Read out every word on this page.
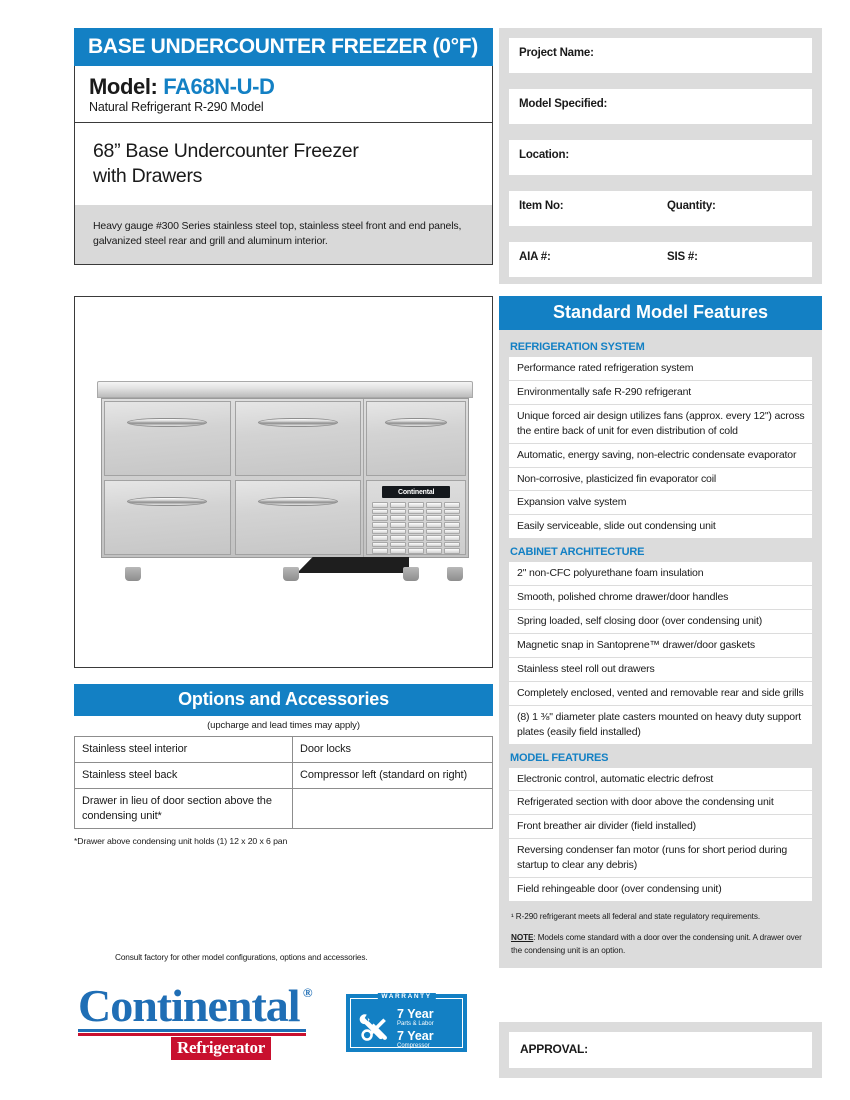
BASE UNDERCOUNTER FREEZER (0°F)
Model: FA68N-U-D
Natural Refrigerant R-290 Model
68” Base Undercounter Freezer
with Drawers
Heavy gauge #300 Series stainless steel top, stainless steel front and end panels, galvanized steel rear and grill and aluminum interior.
Continental
Options and Accessories
(upcharge and lead times may apply)
Stainless steel interior	Door locks
Stainless steel back	Compressor left (standard on right)
Drawer in lieu of door section above the condensing unit*	
*Drawer above condensing unit holds (1) 12 x 20 x 6 pan
Consult factory for other model configurations, options and accessories.
Continental ®
Refrigerator
WARRANTY
7 Year
Parts & Labor
7 Year
Compressor
Project Name:
Model Specified:
Location:
Item No:	Quantity:
AIA #:	SIS #:
Standard Model Features
REFRIGERATION SYSTEM
Performance rated refrigeration system
Environmentally safe R-290 refrigerant
Unique forced air design utilizes fans (approx. every 12") across the entire back of unit for even distribution of cold
Automatic, energy saving, non-electric condensate evaporator
Non-corrosive, plasticized fin evaporator coil
Expansion valve system
Easily serviceable, slide out condensing unit
CABINET ARCHITECTURE
2" non-CFC polyurethane foam insulation
Smooth, polished chrome drawer/door handles
Spring loaded, self closing door (over condensing unit)
Magnetic snap in Santoprene™ drawer/door gaskets
Stainless steel roll out drawers
Completely enclosed, vented and removable rear and side grills
(8) 1 ⅜" diameter plate casters mounted on heavy duty support plates (easily field installed)
MODEL FEATURES
Electronic control, automatic electric defrost
Refrigerated section with door above the condensing unit
Front breather air divider (field installed)
Reversing condenser fan motor (runs for short period during startup to clear any debris)
Field rehingeable door (over condensing unit)
¹ R-290 refrigerant meets all federal and state regulatory requirements.
NOTE: Models come standard with a door over the condensing unit. A drawer over the condensing unit is an option.
APPROVAL:
